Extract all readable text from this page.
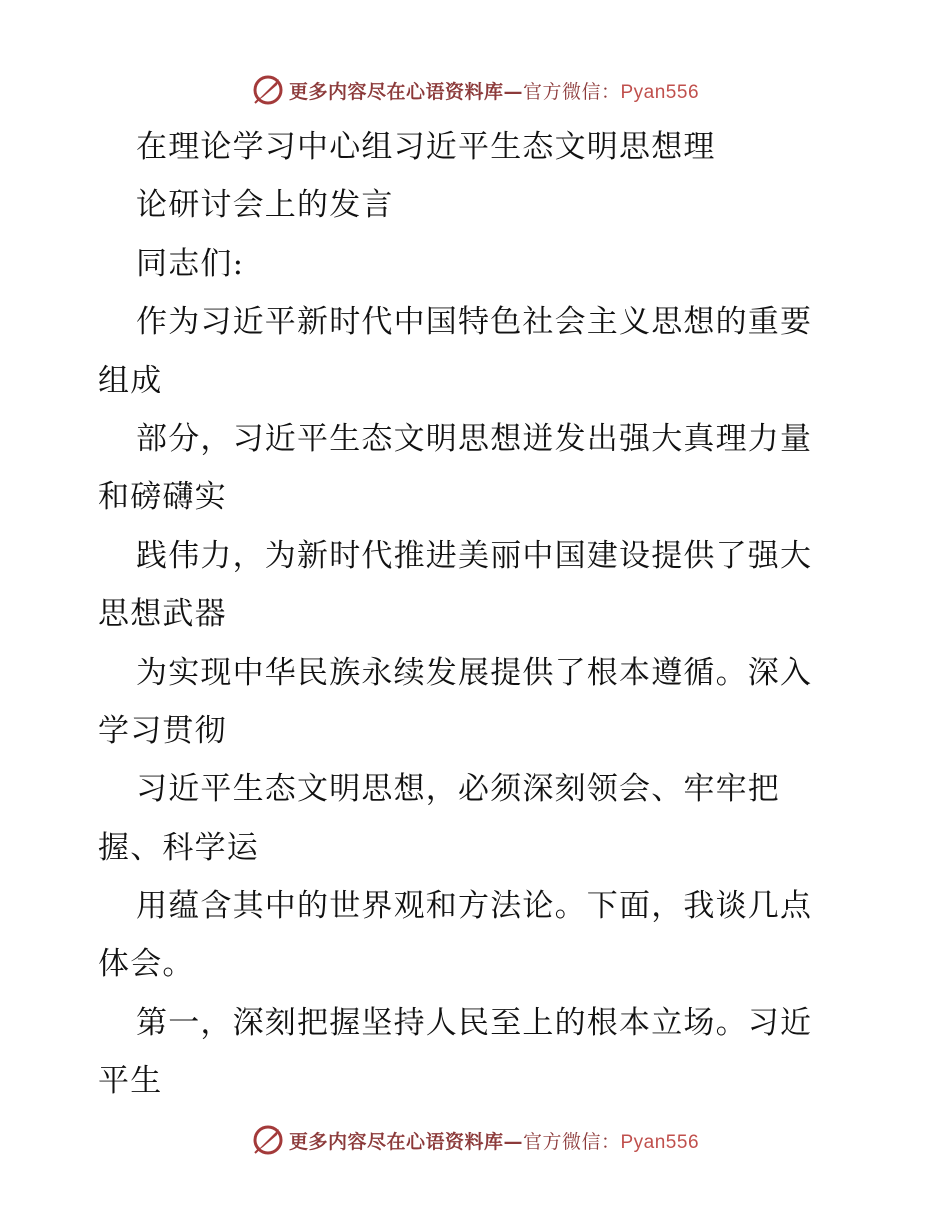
更多内容尽在心语资料库—官方微信：Pyan556
在理论学习中心组习近平生态文明思想理
论研讨会上的发言
同志们:
作为习近平新时代中国特色社会主义思想的重要
组成
部分，习近平生态文明思想迸发出强大真理力量
和磅礴实
践伟力，为新时代推进美丽中国建设提供了强大
思想武器
为实现中华民族永续发展提供了根本遵循。深入
学习贯彻
习近平生态文明思想，必须深刻领会、牢牢把
握、科学运
用蕴含其中的世界观和方法论。下面，我谈几点
体会。
第一，深刻把握坚持人民至上的根本立场。习近
平生
更多内容尽在心语资料库—官方微信：Pyan556
